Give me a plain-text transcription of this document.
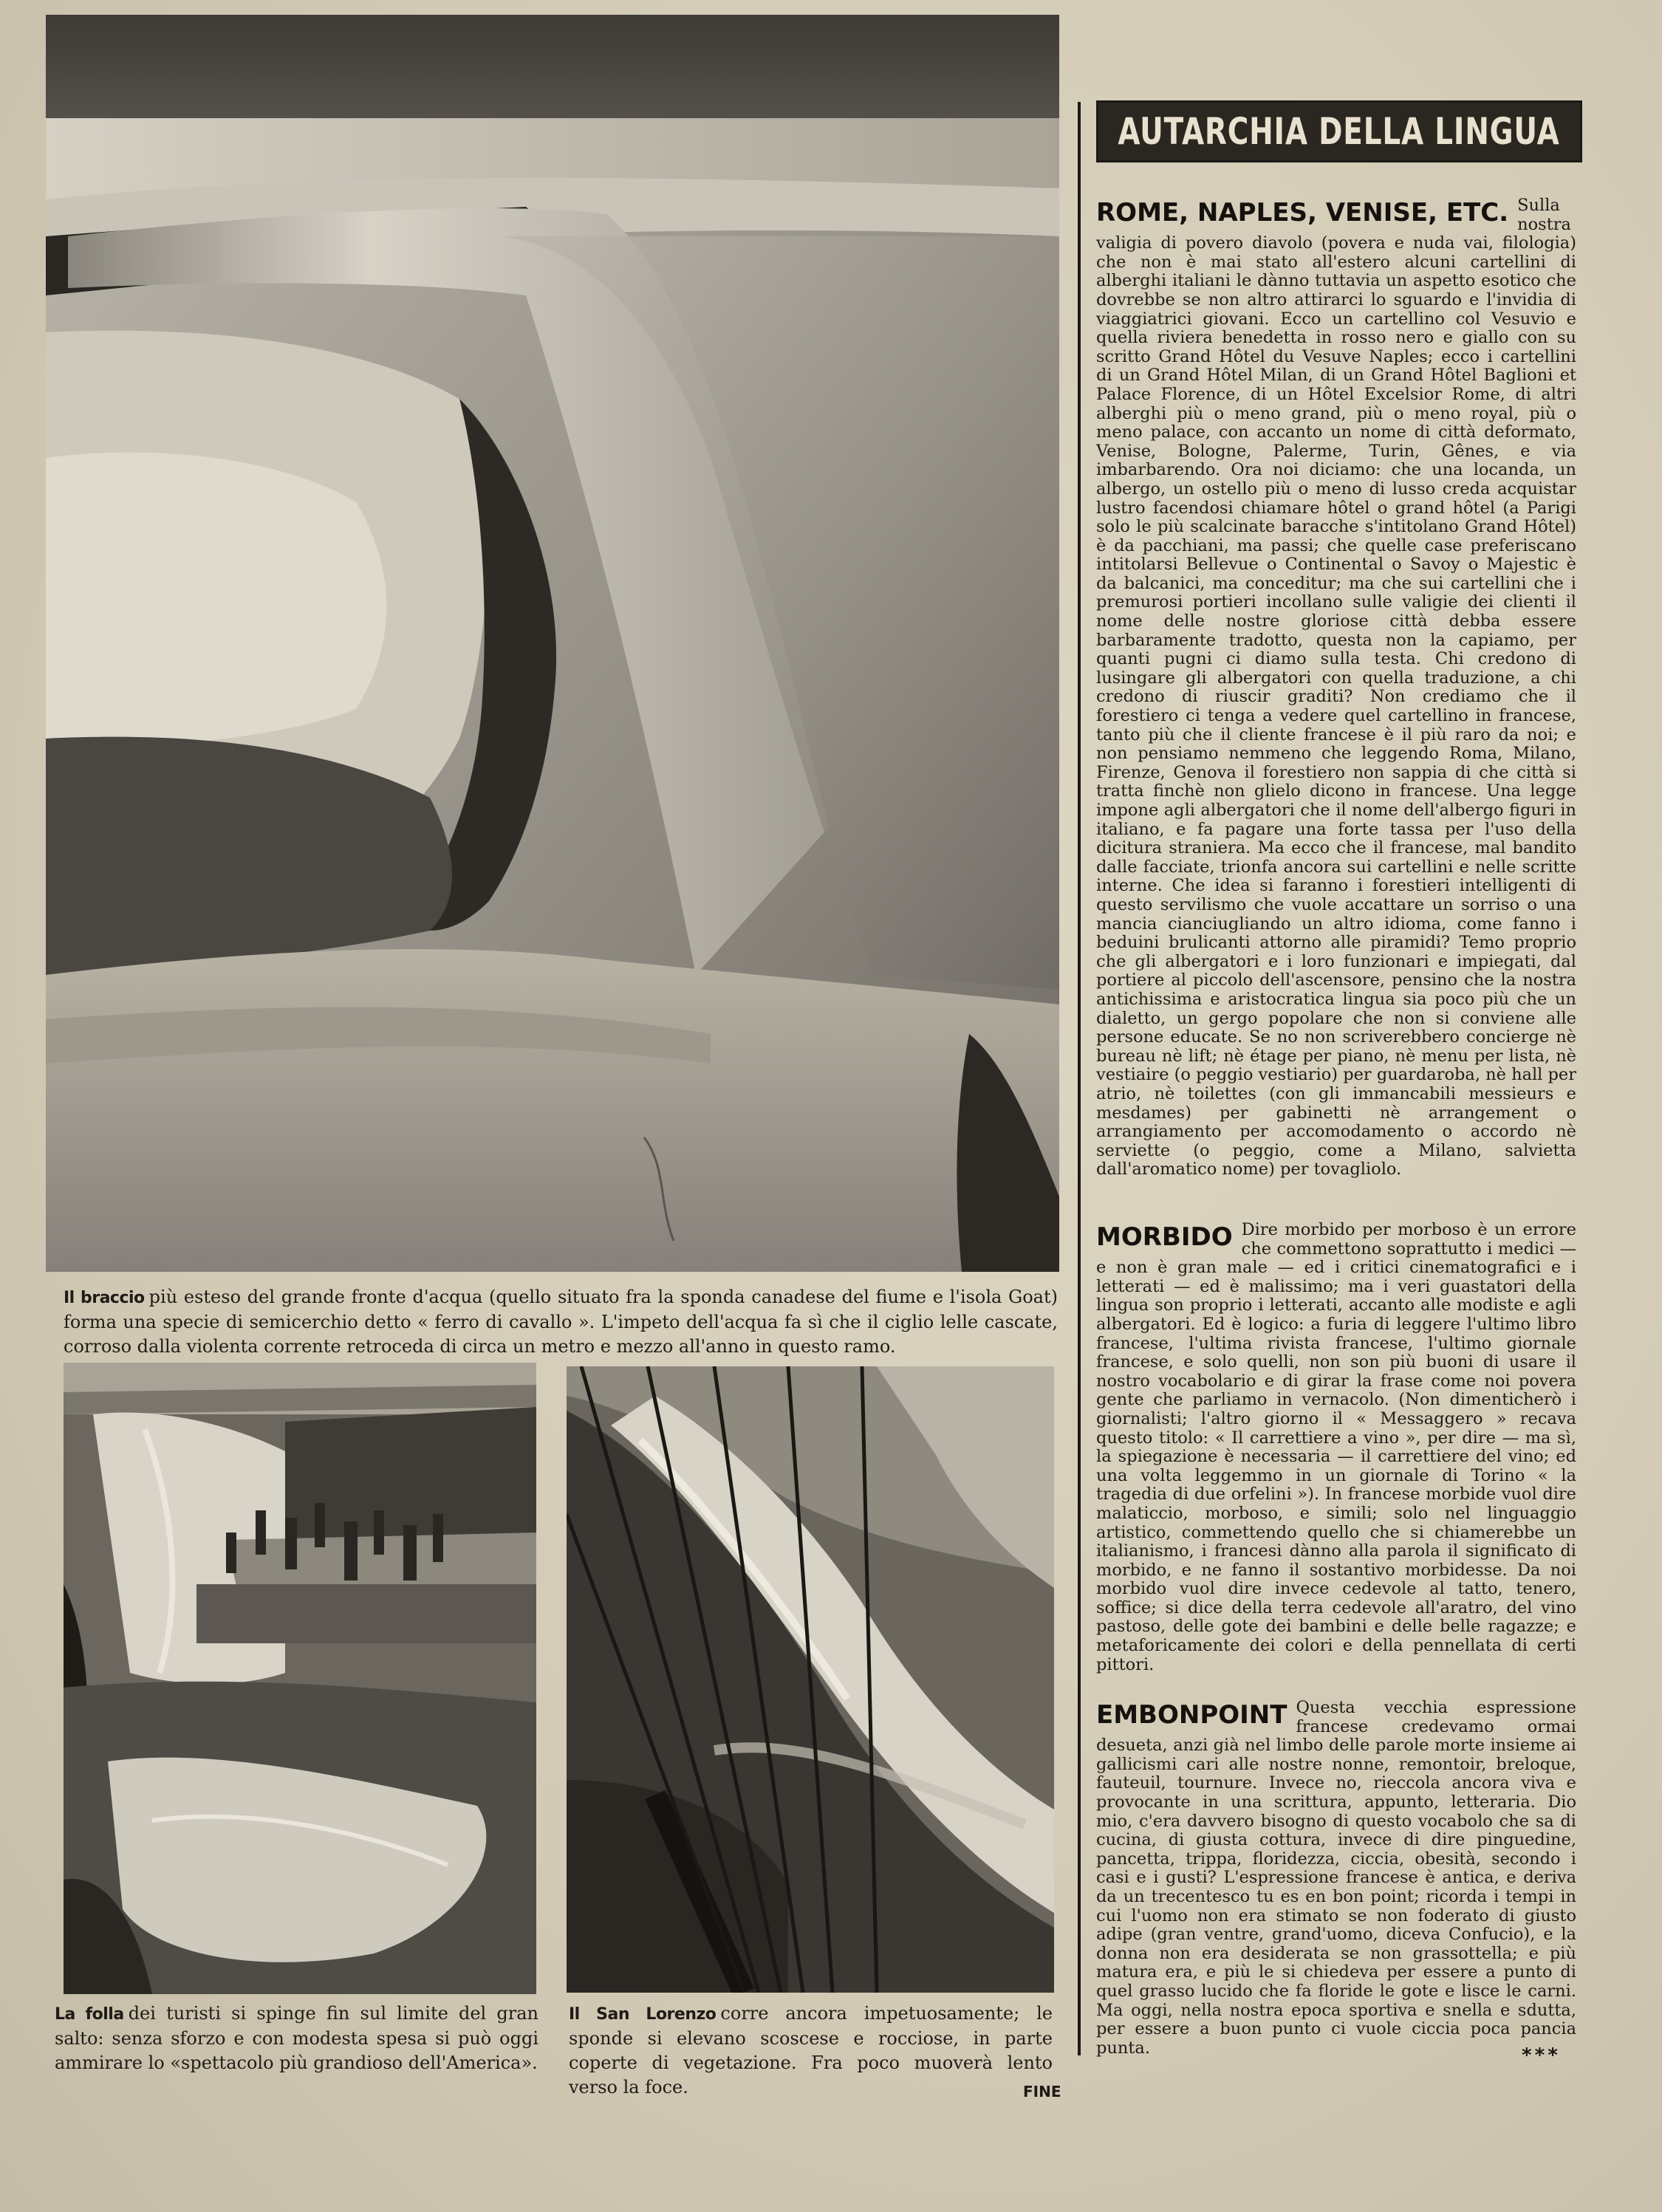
Il braccio più esteso del grande fronte d'acqua (quello situato fra la sponda canadese del fiume e l'isola Goat) forma una specie di semicerchio detto « ferro di cavallo ». L'impeto dell'acqua fa sì che il ciglio lelle cascate, corroso dalla violenta corrente retroceda di circa un metro e mezzo all'anno in questo ramo.
La folla dei turisti si spinge fin sul limite del gran salto: senza sforzo e con modesta spesa si può oggi ammirare lo «spettacolo più grandioso dell'America».
Il San Lorenzo corre ancora impetuosamente; le sponde si elevano scoscese e rocciose, in parte coperte di vegetazione. Fra poco muoverà lento verso la foce.	FINE
AUTARCHIA DELLA LINGUA

ROME, NAPLES, VENISE, ETC. Sulla nostra valigia di povero diavolo (povera e nuda vai, filologia) che non è mai stato all'estero alcuni cartellini di alberghi italiani le dànno tuttavia un aspetto esotico che dovrebbe se non altro attirarci lo sguardo e l'invidia di viaggiatrici giovani. Ecco un cartellino col Vesuvio e quella riviera benedetta in rosso nero e giallo con su scritto Grand Hôtel du Vesuve Naples; ecco i cartellini di un Grand Hôtel Milan, di un Grand Hôtel Baglioni et Palace Florence, di un Hôtel Excelsior Rome, di altri alberghi più o meno grand, più o meno royal, più o meno palace, con accanto un nome di città deformato, Venise, Bologne, Palerme, Turin, Gênes, e via imbarbarendo. Ora noi diciamo: che una locanda, un albergo, un ostello più o meno di lusso creda acquistar lustro facendosi chiamare hôtel o grand hôtel (a Parigi solo le più scalcinate baracche s'intitolano Grand Hôtel) è da pacchiani, ma passi; che quelle case preferiscano intitolarsi Bellevue o Continental o Savoy o Majestic è da balcanici, ma conceditur; ma che sui cartellini che i premurosi portieri incollano sulle valigie dei clienti il nome delle nostre gloriose città debba essere barbaramente tradotto, questa non la capiamo, per quanti pugni ci diamo sulla testa. Chi credono di lusingare gli albergatori con quella traduzione, a chi credono di riuscir graditi? Non crediamo che il forestiero ci tenga a vedere quel cartellino in francese, tanto più che il cliente francese è il più raro da noi; e non pensiamo nemmeno che leggendo Roma, Milano, Firenze, Genova il forestiero non sappia di che città si tratta finchè non glielo dicono in francese. Una legge impone agli albergatori che il nome dell'albergo figuri in italiano, e fa pagare una forte tassa per l'uso della dicitura straniera. Ma ecco che il francese, mal bandito dalle facciate, trionfa ancora sui cartellini e nelle scritte interne. Che idea si faranno i forestieri intelligenti di questo servilismo che vuole accattare un sorriso o una mancia cianciugliando un altro idioma, come fanno i beduini brulicanti attorno alle piramidi? Temo proprio che gli albergatori e i loro funzionari e impiegati, dal portiere al piccolo dell'ascensore, pensino che la nostra antichissima e aristocratica lingua sia poco più che un dialetto, un gergo popolare che non si conviene alle persone educate. Se no non scriverebbero concierge nè bureau nè lift; nè étage per piano, nè menu per lista, nè vestiaire (o peggio vestiario) per guardaroba, nè hall per atrio, nè toilettes (con gli immancabili messieurs e mesdames) per gabinetti nè arrangement o arrangiamento per accomodamento o accordo nè serviette (o peggio, come a Milano, salvietta dall'aromatico nome) per tovagliolo.

MORBIDO Dire morbido per morboso è un errore che commettono soprattutto i medici — e non è gran male — ed i critici cinematografici e i letterati — ed è malissimo; ma i veri guastatori della lingua son proprio i letterati, accanto alle modiste e agli albergatori. Ed è logico: a furia di leggere l'ultimo libro francese, l'ultima rivista francese, l'ultimo giornale francese, e solo quelli, non son più buoni di usare il nostro vocabolario e di girar la frase come noi povera gente che parliamo in vernacolo. (Non dimenticherò i giornalisti; l'altro giorno il « Messaggero » recava questo titolo: « Il carrettiere a vino », per dire — ma sì, la spiegazione è necessaria — il carrettiere del vino; ed una volta leggemmo in un giornale di Torino « la tragedia di due orfelini »). In francese morbide vuol dire malaticcio, morboso, e simili; solo nel linguaggio artistico, commettendo quello che si chiamerebbe un italianismo, i francesi dànno alla parola il significato di morbido, e ne fanno il sostantivo morbidesse. Da noi morbido vuol dire invece cedevole al tatto, tenero, soffice; si dice della terra cedevole all'aratro, del vino pastoso, delle gote dei bambini e delle belle ragazze; e metaforicamente dei colori e della pennellata di certi pittori.

EMBONPOINT Questa vecchia espressione francese credevamo ormai desueta, anzi già nel limbo delle parole morte insieme ai gallicismi cari alle nostre nonne, remontoir, breloque, fauteuil, tournure. Invece no, rieccola ancora viva e provocante in una scrittura, appunto, letteraria. Dio mio, c'era davvero bisogno di questo vocabolo che sa di cucina, di giusta cottura, invece di dire pinguedine, pancetta, trippa, floridezza, ciccia, obesità, secondo i casi e i gusti? L'espressione francese è antica, e deriva da un trecentesco tu es en bon point; ricorda i tempi in cui l'uomo non era stimato se non foderato di giusto adipe (gran ventre, grand'uomo, diceva Confucio), e la donna non era desiderata se non grassottella; e più matura era, e più le si chiedeva per essere a punto di quel grasso lucido che fa floride le gote e lisce le carni. Ma oggi, nella nostra epoca sportiva e snella e sdutta, per essere a buon punto ci vuole ciccia poca pancia punta.	***
